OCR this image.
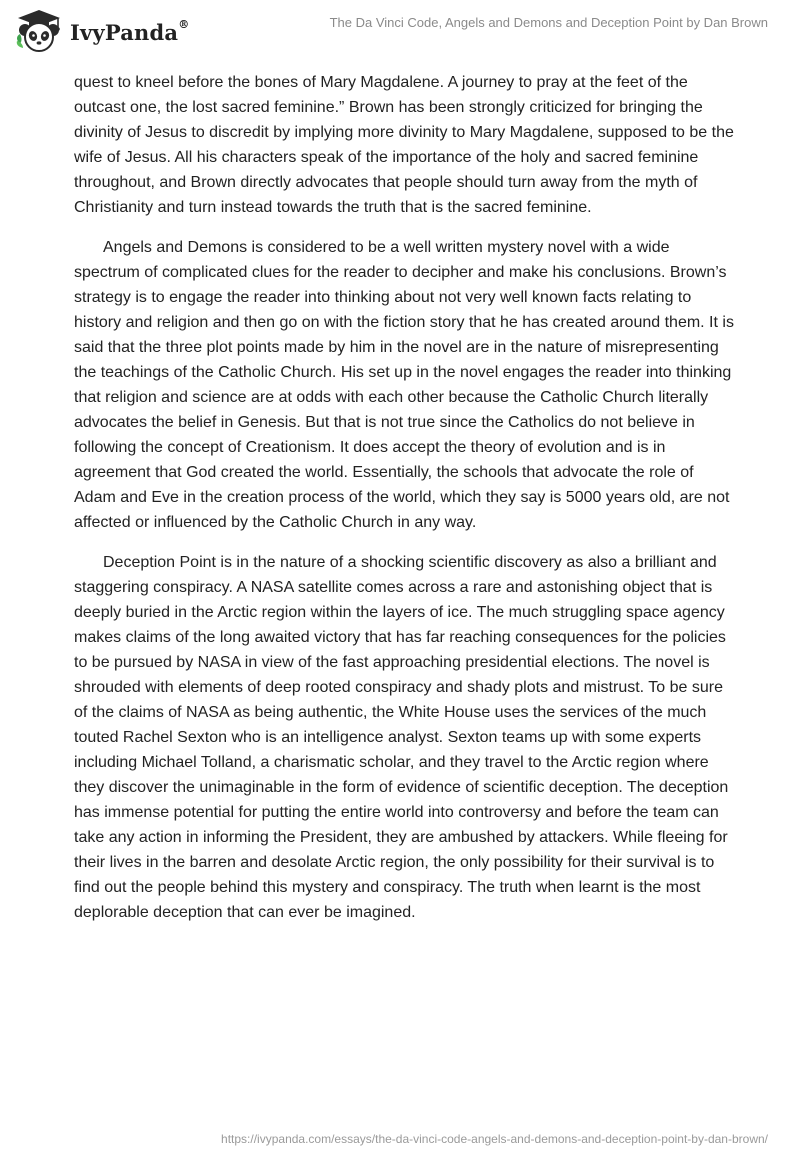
IvyPanda®	The Da Vinci Code, Angels and Demons and Deception Point by Dan Brown

quest to kneel before the bones of Mary Magdalene. A journey to pray at the feet of the outcast one, the lost sacred feminine.” Brown has been strongly criticized for bringing the divinity of Jesus to discredit by implying more divinity to Mary Magdalene, supposed to be the wife of Jesus. All his characters speak of the importance of the holy and sacred feminine throughout, and Brown directly advocates that people should turn away from the myth of Christianity and turn instead towards the truth that is the sacred feminine.

Angels and Demons is considered to be a well written mystery novel with a wide spectrum of complicated clues for the reader to decipher and make his conclusions. Brown’s strategy is to engage the reader into thinking about not very well known facts relating to history and religion and then go on with the fiction story that he has created around them. It is said that the three plot points made by him in the novel are in the nature of misrepresenting the teachings of the Catholic Church. His set up in the novel engages the reader into thinking that religion and science are at odds with each other because the Catholic Church literally advocates the belief in Genesis. But that is not true since the Catholics do not believe in following the concept of Creationism. It does accept the theory of evolution and is in agreement that God created the world. Essentially, the schools that advocate the role of Adam and Eve in the creation process of the world, which they say is 5000 years old, are not affected or influenced by the Catholic Church in any way.

Deception Point is in the nature of a shocking scientific discovery as also a brilliant and staggering conspiracy. A NASA satellite comes across a rare and astonishing object that is deeply buried in the Arctic region within the layers of ice. The much struggling space agency makes claims of the long awaited victory that has far reaching consequences for the policies to be pursued by NASA in view of the fast approaching presidential elections. The novel is shrouded with elements of deep rooted conspiracy and shady plots and mistrust. To be sure of the claims of NASA as being authentic, the White House uses the services of the much touted Rachel Sexton who is an intelligence analyst. Sexton teams up with some experts including Michael Tolland, a charismatic scholar, and they travel to the Arctic region where they discover the unimaginable in the form of evidence of scientific deception. The deception has immense potential for putting the entire world into controversy and before the team can take any action in informing the President, they are ambushed by attackers. While fleeing for their lives in the barren and desolate Arctic region, the only possibility for their survival is to find out the people behind this mystery and conspiracy. The truth when learnt is the most deplorable deception that can ever be imagined.

https://ivypanda.com/essays/the-da-vinci-code-angels-and-demons-and-deception-point-by-dan-brown/
